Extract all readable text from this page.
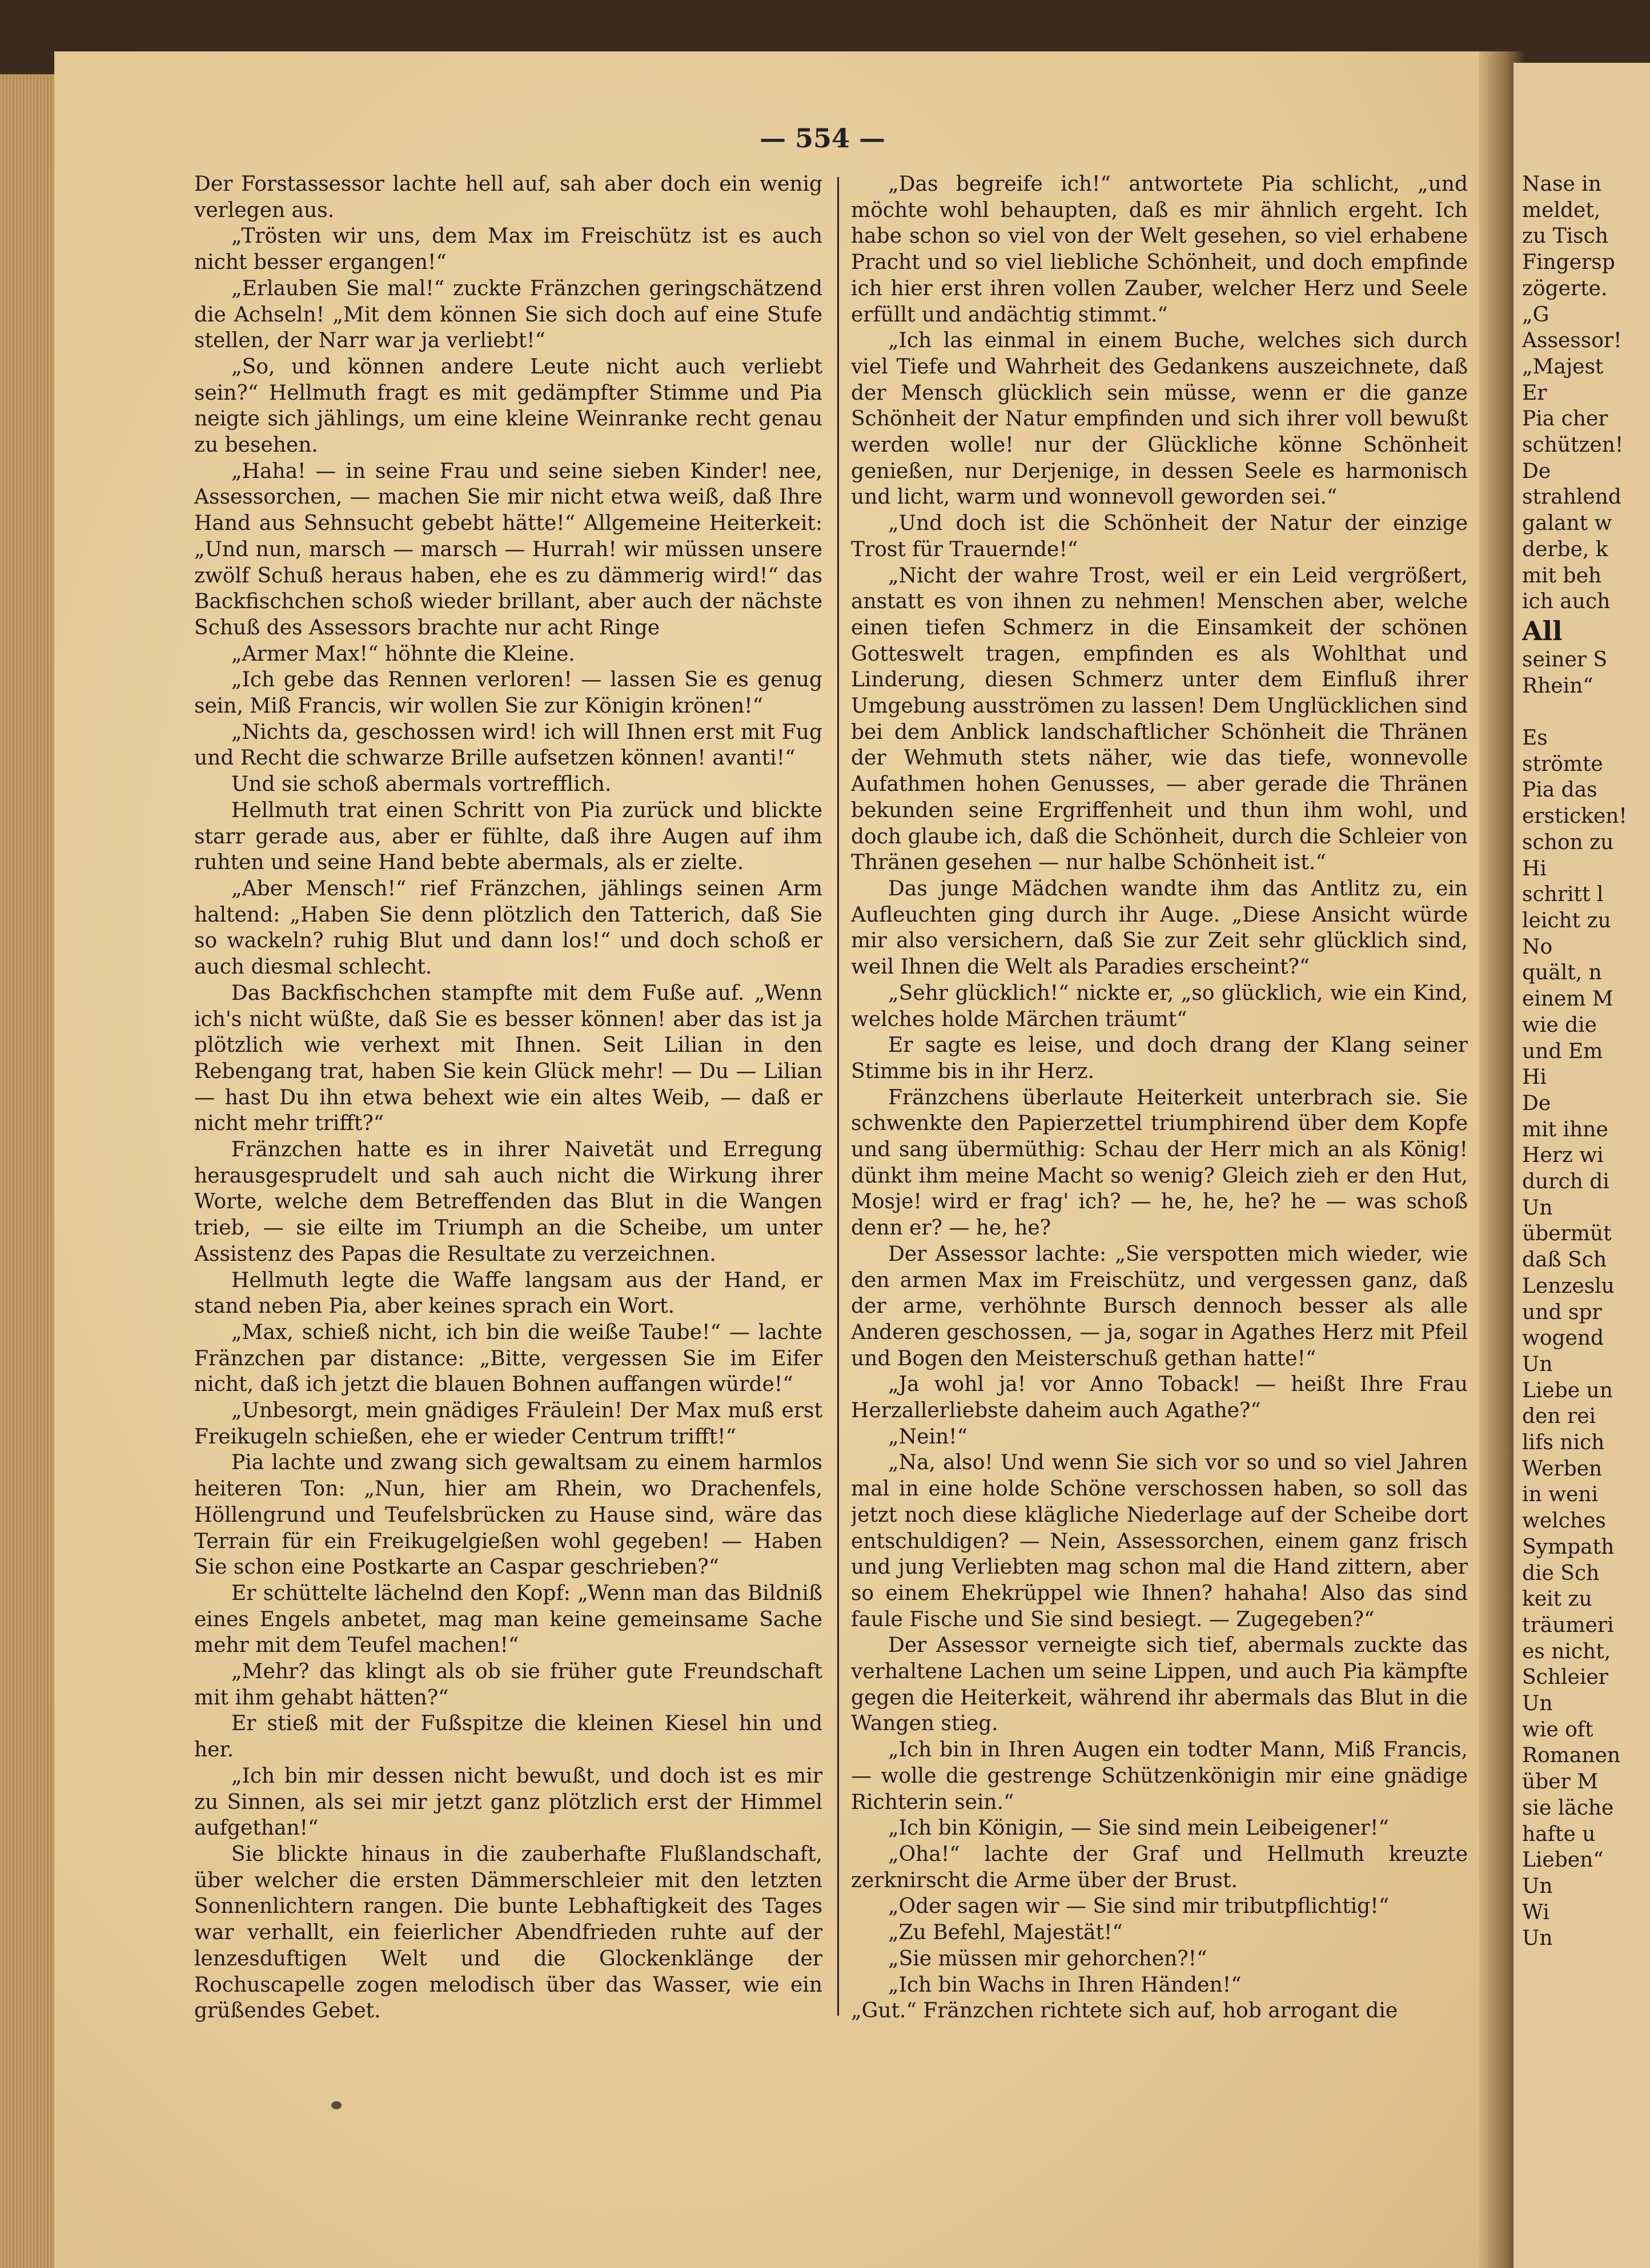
— 554 —

Der Forstassessor lachte hell auf, sah aber doch ein wenig verlegen aus.

„Trösten wir uns, dem Max im Freischütz ist es auch nicht besser ergangen!“

„Erlauben Sie mal!“ zuckte Fränzchen geringschätzend die Achseln! „Mit dem können Sie sich doch auf eine Stufe stellen, der Narr war ja verliebt!“

„So, und können andere Leute nicht auch verliebt sein?“ Hellmuth fragt es mit gedämpfter Stimme und Pia neigte sich jählings, um eine kleine Weinranke recht genau zu besehen.

„Haha! — in seine Frau und seine sieben Kinder! nee, Assessorchen, — machen Sie mir nicht etwa weiß, daß Ihre Hand aus Sehnsucht gebebt hätte!“ Allgemeine Heiterkeit: „Und nun, marsch — marsch — Hurrah! wir müssen unsere zwölf Schuß heraus haben, ehe es zu dämmerig wird!“ das Backfischchen schoß wieder brillant, aber auch der nächste Schuß des Assessors brachte nur acht Ringe

„Armer Max!“ höhnte die Kleine.

„Ich gebe das Rennen verloren! — lassen Sie es genug sein, Miß Francis, wir wollen Sie zur Königin krönen!“

„Nichts da, geschossen wird! ich will Ihnen erst mit Fug und Recht die schwarze Brille aufsetzen können! avanti!“

Und sie schoß abermals vortrefflich.

Hellmuth trat einen Schritt von Pia zurück und blickte starr gerade aus, aber er fühlte, daß ihre Augen auf ihm ruhten und seine Hand bebte abermals, als er zielte.

„Aber Mensch!“ rief Fränzchen, jählings seinen Arm haltend: „Haben Sie denn plötzlich den Tatterich, daß Sie so wackeln? ruhig Blut und dann los!“ und doch schoß er auch diesmal schlecht.

Das Backfischchen stampfte mit dem Fuße auf. „Wenn ich's nicht wüßte, daß Sie es besser können! aber das ist ja plötzlich wie verhext mit Ihnen. Seit Lilian in den Rebengang trat, haben Sie kein Glück mehr! — Du — Lilian — hast Du ihn etwa behext wie ein altes Weib, — daß er nicht mehr trifft?“

Fränzchen hatte es in ihrer Naivetät und Erregung herausgesprudelt und sah auch nicht die Wirkung ihrer Worte, welche dem Betreffenden das Blut in die Wangen trieb, — sie eilte im Triumph an die Scheibe, um unter Assistenz des Papas die Resultate zu verzeichnen.

Hellmuth legte die Waffe langsam aus der Hand, er stand neben Pia, aber keines sprach ein Wort.

„Max, schieß nicht, ich bin die weiße Taube!“ — lachte Fränzchen par distance: „Bitte, vergessen Sie im Eifer nicht, daß ich jetzt die blauen Bohnen auffangen würde!“

„Unbesorgt, mein gnädiges Fräulein! Der Max muß erst Freikugeln schießen, ehe er wieder Centrum trifft!“

Pia lachte und zwang sich gewaltsam zu einem harmlos heiteren Ton: „Nun, hier am Rhein, wo Drachenfels, Höllengrund und Teufelsbrücken zu Hause sind, wäre das Terrain für ein Freikugelgießen wohl gegeben! — Haben Sie schon eine Postkarte an Caspar geschrieben?“

Er schüttelte lächelnd den Kopf: „Wenn man das Bildniß eines Engels anbetet, mag man keine gemeinsame Sache mehr mit dem Teufel machen!“

„Mehr? das klingt als ob sie früher gute Freundschaft mit ihm gehabt hätten?“

Er stieß mit der Fußspitze die kleinen Kiesel hin und her.

„Ich bin mir dessen nicht bewußt, und doch ist es mir zu Sinnen, als sei mir jetzt ganz plötzlich erst der Himmel aufgethan!“

Sie blickte hinaus in die zauberhafte Flußlandschaft, über welcher die ersten Dämmerschleier mit den letzten Sonnenlichtern rangen. Die bunte Lebhaftigkeit des Tages war verhallt, ein feierlicher Abendfrieden ruhte auf der lenzesduftigen Welt und die Glockenklänge der Rochuscapelle zogen melodisch über das Wasser, wie ein grüßendes Gebet.

„Das begreife ich!“ antwortete Pia schlicht, „und möchte wohl behaupten, daß es mir ähnlich ergeht. Ich habe schon so viel von der Welt gesehen, so viel erhabene Pracht und so viel liebliche Schönheit, und doch empfinde ich hier erst ihren vollen Zauber, welcher Herz und Seele erfüllt und andächtig stimmt.“

„Ich las einmal in einem Buche, welches sich durch viel Tiefe und Wahrheit des Gedankens auszeichnete, daß der Mensch glücklich sein müsse, wenn er die ganze Schönheit der Natur empfinden und sich ihrer voll bewußt werden wolle! nur der Glückliche könne Schönheit genießen, nur Derjenige, in dessen Seele es harmonisch und licht, warm und wonnevoll geworden sei.“

„Und doch ist die Schönheit der Natur der einzige Trost für Trauernde!“

„Nicht der wahre Trost, weil er ein Leid vergrößert, anstatt es von ihnen zu nehmen! Menschen aber, welche einen tiefen Schmerz in die Einsamkeit der schönen Gotteswelt tragen, empfinden es als Wohlthat und Linderung, diesen Schmerz unter dem Einfluß ihrer Umgebung ausströmen zu lassen! Dem Unglücklichen sind bei dem Anblick landschaftlicher Schönheit die Thränen der Wehmuth stets näher, wie das tiefe, wonnevolle Aufathmen hohen Genusses, — aber gerade die Thränen bekunden seine Ergriffenheit und thun ihm wohl, und doch glaube ich, daß die Schönheit, durch die Schleier von Thränen gesehen — nur halbe Schönheit ist.“

Das junge Mädchen wandte ihm das Antlitz zu, ein Aufleuchten ging durch ihr Auge. „Diese Ansicht würde mir also versichern, daß Sie zur Zeit sehr glücklich sind, weil Ihnen die Welt als Paradies erscheint?“

„Sehr glücklich!“ nickte er, „so glücklich, wie ein Kind, welches holde Märchen träumt“

Er sagte es leise, und doch drang der Klang seiner Stimme bis in ihr Herz.

Fränzchens überlaute Heiterkeit unterbrach sie. Sie schwenkte den Papierzettel triumphirend über dem Kopfe und sang übermüthig: Schau der Herr mich an als König! dünkt ihm meine Macht so wenig? Gleich zieh er den Hut, Mosje! wird er frag' ich? — he, he, he? he — was schoß denn er? — he, he?

Der Assessor lachte: „Sie verspotten mich wieder, wie den armen Max im Freischütz, und vergessen ganz, daß der arme, verhöhnte Bursch dennoch besser als alle Anderen geschossen, — ja, sogar in Agathes Herz mit Pfeil und Bogen den Meisterschuß gethan hatte!“

„Ja wohl ja! vor Anno Toback! — heißt Ihre Frau Herzallerliebste daheim auch Agathe?“

„Nein!“

„Na, also! Und wenn Sie sich vor so und so viel Jahren mal in eine holde Schöne verschossen haben, so soll das jetzt noch diese klägliche Niederlage auf der Scheibe dort entschuldigen? — Nein, Assessorchen, einem ganz frisch und jung Verliebten mag schon mal die Hand zittern, aber so einem Ehekrüppel wie Ihnen? hahaha! Also das sind faule Fische und Sie sind besiegt. — Zugegeben?“

Der Assessor verneigte sich tief, abermals zuckte das verhaltene Lachen um seine Lippen, und auch Pia kämpfte gegen die Heiterkeit, während ihr abermals das Blut in die Wangen stieg.

„Ich bin in Ihren Augen ein todter Mann, Miß Francis, — wolle die gestrenge Schützenkönigin mir eine gnädige Richterin sein.“

„Ich bin Königin, — Sie sind mein Leibeigener!“

„Oha!“ lachte der Graf und Hellmuth kreuzte zerknirscht die Arme über der Brust.

„Oder sagen wir — Sie sind mir tributpflichtig!“

„Zu Befehl, Majestät!“

„Sie müssen mir gehorchen?!“

„Ich bin Wachs in Ihren Händen!“

„Gut.“ Fränzchen richtete sich auf, hob arrogant die

Nase in
meldet,
zu Tisch
Fingersp
zögerte.
„G
Assessor!
„Majest
Er
Pia cher
schützen!
De
strahlend
galant w
derbe, k
mit beh
ich auch
All
seiner S
Rhein“

Es
strömte
Pia das
ersticken!
schon zu
Hi
schritt l
leicht zu
No
quält, n
einem M
wie die
und Em
Hi
De
mit ihne
Herz wi
durch di
Un
übermüt
daß Sch
Lenzeslu
und spr
wogend
Un
Liebe un
den rei
lifs nich
Werben
in weni
welches
Sympath
die Sch
keit zu
träumeri
es nicht,
Schleier
Un
wie oft
Romanen
über M
sie läche
hafte u
Lieben“
Un
Wi
Un
